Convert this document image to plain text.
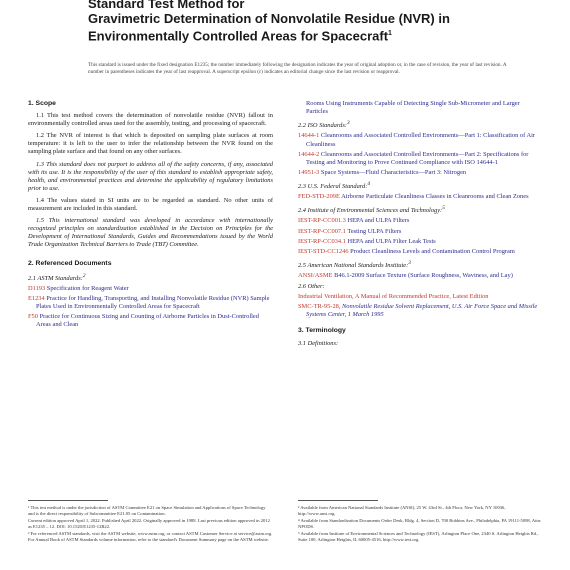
Standard Test Method for
Gravimetric Determination of Nonvolatile Residue (NVR) in
Environmentally Controlled Areas for Spacecraft$^1$
This standard is issued under the fixed designation E1235; the number immediately following the designation indicates the year of original adoption or, in the case of revision, the year of last revision. A number in parentheses indicates the year of last reapproval. A superscript epsilon (ε) indicates an editorial change since the last revision or reapproval.
1. Scope

1.1 This test method covers the determination of nonvolatile residue (NVR) fallout in environmentally controlled areas used for the assembly, testing, and processing of spacecraft.

1.2 The NVR of interest is that which is deposited on sampling plate surfaces at room temperature: it is left to the user to infer the relationship between the NVR found on the sampling plate surface and that found on any other surfaces.

1.3 This standard does not purport to address all of the safety concerns, if any, associated with its use. It is the responsibility of the user of this standard to establish appropriate safety, health, and environmental practices and determine the applicability of regulatory limitations prior to use.

1.4 The values stated in SI units are to be regarded as standard. No other units of measurement are included in this standard.

1.5 This international standard was developed in accordance with internationally recognized principles on standardization established in the Decision on Principles for the Development of International Standards, Guides and Recommendations issued by the World Trade Organization Technical Barriers to Trade (TBT) Committee.

2. Referenced Documents
2.1 ASTM Standards:$^2$
D1193 Specification for Reagent Water
E1234 Practice for Handling, Transporting, and Installing Nonvolatile Residue (NVR) Sample Plates Used in Environmentally Controlled Areas for Spacecraft
F50 Practice for Continuous Sizing and Counting of Airborne Particles in Dust-Controlled Areas and Clean

¹ This test method is under the jurisdiction of ASTM Committee E21 on Space Simulation and Applications of Space Technology and is the direct responsibility of Subcommittee E21.05 on Contamination.

Current edition approved April 1, 2022. Published April 2022. Originally approved in 1988. Last previous edition approved in 2012 as E1235 – 12. DOI: 10.1520/E1235-12R22.

² For referenced ASTM standards, visit the ASTM website, www.astm.org, or contact ASTM Customer Service at service@astm.org. For Annual Book of ASTM Standards volume information, refer to the standard's Document Summary page on the ASTM website.

Rooms Using Instruments Capable of Detecting Single Sub-Micrometer and Larger Particles
2.2 ISO Standards:$^3$
14644-1 Cleanrooms and Associated Controlled Environments—Part 1: Classification of Air Cleanliness
14644-2 Cleanrooms and Associated Controlled Environments—Part 2: Specifications for Testing and Monitoring to Prove Continued Compliance with ISO 14644-1
14951-3 Space Systems—Fluid Characteristics—Part 3: Nitrogen
2.3 U.S. Federal Standard:$^4$
FED-STD-209E Airborne Particulate Cleanliness Classes in Cleanrooms and Clean Zones
2.4 Institute of Environmental Sciences and Technology:$^5$
IEST-RP-CC001.3 HEPA and ULPA Filters
IEST-RP-CC007.1 Testing ULPA Filters
IEST-RP-CC034.1 HEPA and ULPA Filter Leak Tests
IEST-STD-CC1246 Product Cleanliness Levels and Contamination Control Program
2.5 American National Standards Institute:$^3$
ANSI/ASME B46.1-2009 Surface Texture (Surface Roughness, Waviness, and Lay)
2.6 Other:
Industrial Ventilation, A Manual of Recommended Practice, Latest Edition
SMC-TR-95-28, Nonvolatile Residue Solvent Replacement, U.S. Air Force Space and Missile Systems Center, 1 March 1995
3. Terminology
3.1 Definitions:

³ Available from American National Standards Institute (ANSI), 25 W. 43rd St., 4th Floor, New York, NY 10036, http://www.ansi.org.

⁴ Available from Standardization Documents Order Desk, Bldg. 4, Section D, 700 Robbins Ave., Philadelphia, PA 19111-5098, Attn: NPODS.

⁵ Available from Institute of Environmental Sciences and Technology (IEST), Arlington Place One, 2340 S. Arlington Heights Rd., Suite 100, Arlington Heights, IL 60005-4516, http://www.iest.org.
